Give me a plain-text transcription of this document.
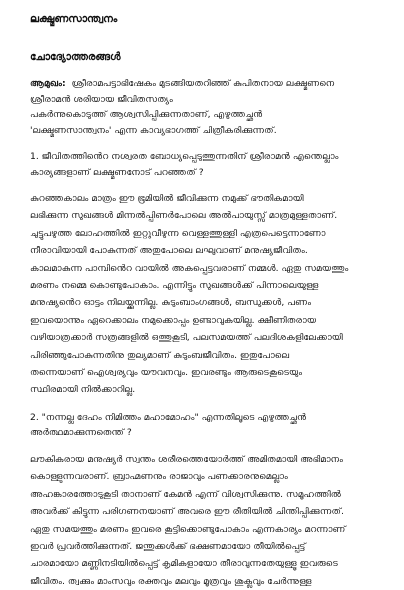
ലക്ഷ്മണസാന്ത്വനം
ചോദ്യോത്തരങ്ങൾ
ആമുഖം: ശ്രീരാമപട്ടാഭിഷേകം മുടങ്ങിയതറിഞ്ഞ് കുപിതനായ ലക്ഷ്മണനെ
ശ്രീരാമൻ ശരിയായ ജീവിതസത്യം
പകർന്നുകൊടുത്ത് ആശ്വസിപ്പിക്കുന്നതാണ്, എഴുത്തച്ഛൻ
'ലക്ഷ്മണസാന്ത്വനം' എന്ന കാവ്യഭാഗത്ത് ചിത്രീകരിക്കുന്നത്.
1. ജീവിതത്തിൻെറ നശ്വരത ബോധ്യപ്പെടുത്തുന്നതിന് ശ്രീരാമൻ എന്തെല്ലാം
കാര്യങ്ങളാണ് ലക്ഷ്മണനോട് പറഞ്ഞത് ?
കുറഞ്ഞകാലം മാത്രം ഈ ഭൂമിയിൽ ജീവിക്കുന്ന നമുക്ക് ഭൗതികമായി
ലഭിക്കുന്ന സുഖങ്ങൾ മിന്നൽപ്പിണർപോലെ അൽപായുസ്സ് മാത്രമുള്ളതാണ്.
ചുട്ടുപഴുത്ത ലോഹത്തിൽ ഇറ്റുവീഴുന്ന വെള്ളത്തുള്ളി എത്രപെട്ടെന്നാണോ
നീരാവിയായി പോകുന്നത് അതുപോലെ ലഘുവാണ് മനുഷ്യജീവിതം.
കാലമാകുന്ന പാമ്പിൻെറ വായിൽ അകപ്പെട്ടവരാണ് നമ്മൾ. ഏതു സമയത്തും
മരണം നമ്മെ കൊണ്ടുപോകാം. എന്നിട്ടും സുഖങ്ങൾക്ക് പിന്നാലെയുള്ള
മനുഷ്യൻെറ ഓട്ടം നിലയ്ക്കുന്നില്ല. കുടുംബാംഗങ്ങൾ, ബന്ധുക്കൾ, പണം
ഇവയൊന്നും ഏറെക്കാലം നമുക്കൊപ്പം ഉണ്ടാവുകയില്ല. ക്ഷീണിതരായ
വഴിയാത്രക്കാർ സത്രങ്ങളിൽ ഒത്തുകൂടി, പലസമയത്ത് പലദിശകളിലേക്കായി
പിരിഞ്ഞുപോകുന്നതിനു തുല്യമാണ് കുടുംബജീവിതം. ഇതുപോലെ
തന്നെയാണ് ഐശ്വര്യവും യൗവനവും. ഇവരണ്ടും ആരുടെകൂടെയും
സ്ഥിരമായി നിൽക്കാറില്ല.
2. "നന്നല്ല ദേഹം നിമിത്തം മഹാമോഹം" എന്നതിലൂടെ എഴുത്തച്ഛൻ
അർത്ഥമാക്കുന്നതെന്ത് ?
ലൗകികരായ മനുഷ്യർ സ്വന്തം ശരീരത്തെയോർത്ത് അമിതമായി അഭിമാനം
കൊള്ളുന്നവരാണ്. ബ്രാഹ്മണനും രാജാവും പണക്കാരനുമെല്ലാം
അഹങ്കാരത്തോടുകൂടി താനാണ് കേമൻ എന്ന് വിശ്വസിക്കുന്നു. സമൂഹത്തിൽ
അവർക്ക് കിട്ടുന്ന പരിഗണനയാണ് അവരെ ഈ രീതിയിൽ ചിന്തിപ്പിക്കുന്നത്.
ഏതു സമയത്തും മരണം ഇവരെ കൂട്ടിക്കൊണ്ടുപോകാം എന്നകാര്യം മറന്നാണ്
ഇവർ പ്രവർത്തിക്കുന്നത്. ജന്തുക്കൾക്ക് ഭക്ഷണമായോ തീയിൽപ്പെട്ട്
ചാരമായോ മണ്ണിനടിയിൽപ്പെട്ട് കൃമികളായോ തീരാവുന്നതേയുള്ളൂ ഇവരുടെ
ജീവിതം. ത്വക്കും മാംസവും രക്തവും മലവും മൂത്രവും ശുക്ലവും ചേർന്നുള്ള
